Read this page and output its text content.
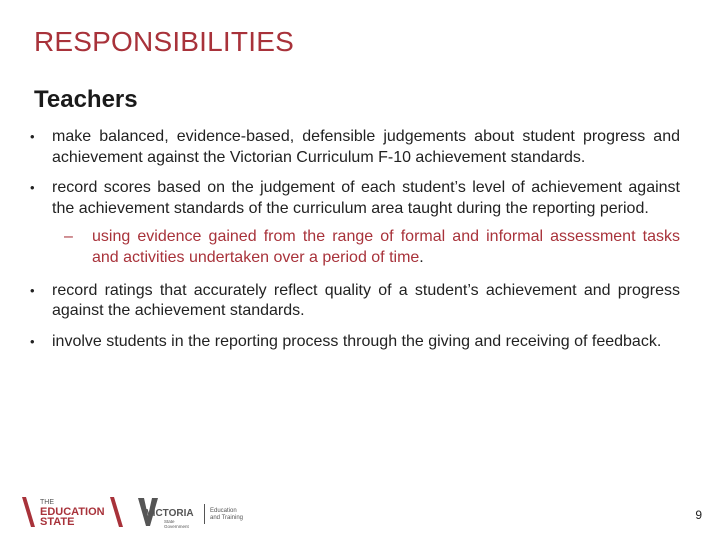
RESPONSIBILITIES
Teachers
• make balanced, evidence-based, defensible judgements about student progress and achievement against the Victorian Curriculum F-10 achievement standards.
• record scores based on the judgement of each student’s level of achievement against the achievement standards of the curriculum area taught during the reporting period.
– using evidence gained from the range of formal and informal assessment tasks and activities undertaken over a period of time.
• record ratings that accurately reflect quality of a student’s achievement and progress against the achievement standards.
• involve students in the reporting process through the giving and receiving of feedback.
THE
EDUCATION
STATE
VICTORIA
State
Government
Education
and Training	9
